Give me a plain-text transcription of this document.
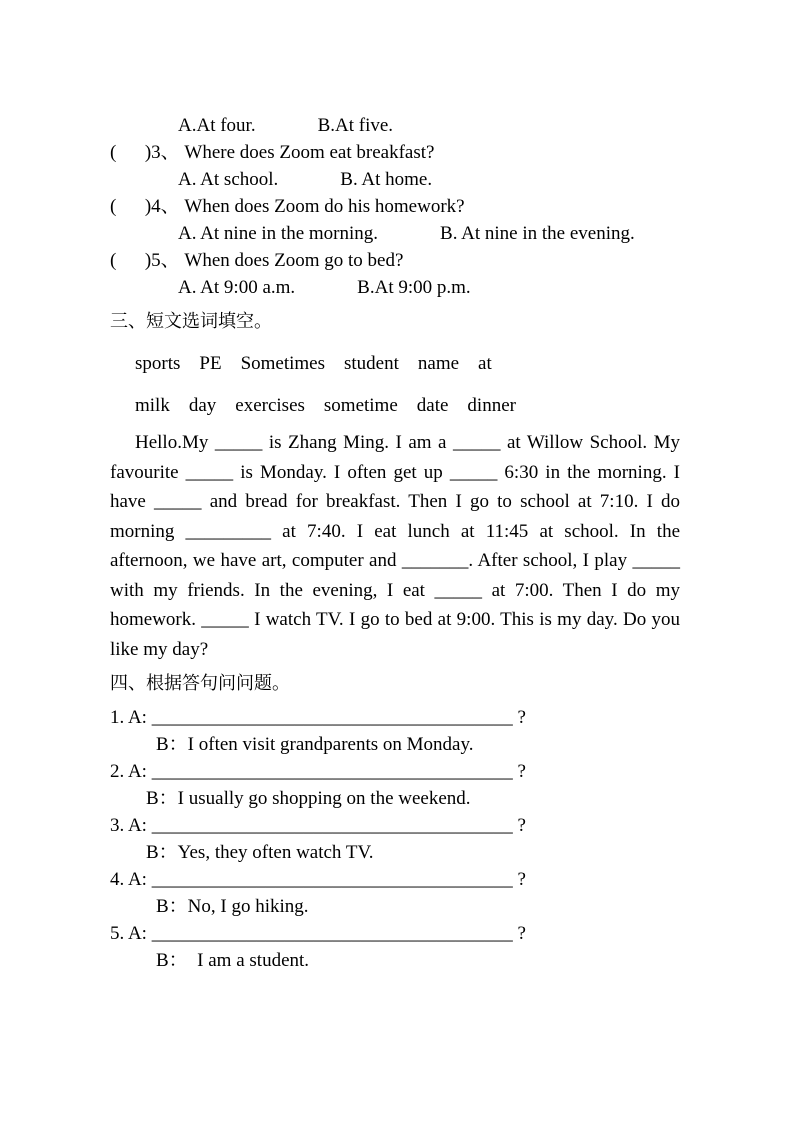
A.At four.	B.At five.
(      )3、 Where does Zoom eat breakfast?
A. At school.	B. At home.
(      )4、 When does Zoom do his homework?
A. At nine in the morning.	B. At nine in the evening.
(      )5、 When does Zoom go to bed?
A. At 9:00 a.m.	B.At 9:00 p.m.
三、短文选词填空。
sports    PE    Sometimes    student    name    at
milk    day    exercises    sometime    date    dinner
Hello.My _____ is Zhang Ming. I am a _____ at Willow School. My favourite _____ is Monday. I often get up _____ 6:30 in the morning. I have _____ and bread for breakfast. Then I go to school at 7:10. I do morning _________ at 7:40. I eat lunch at 11:45 at school. In the afternoon, we have art, computer and _______. After school, I play _____ with my friends. In the evening, I eat _____ at 7:00. Then I do my homework. _____ I watch TV. I go to bed at 9:00. This is my day. Do you like my day?
四、根据答句问问题。
1. A: ______________________________________ ?
B：I often visit grandparents on Monday.
2. A: ______________________________________ ?
B：I usually go shopping on the weekend.
3. A: ______________________________________ ?
B：Yes, they often watch TV.
4. A: ______________________________________ ?
B：No, I go hiking.
5. A: ______________________________________ ?
B：  I am a student.
